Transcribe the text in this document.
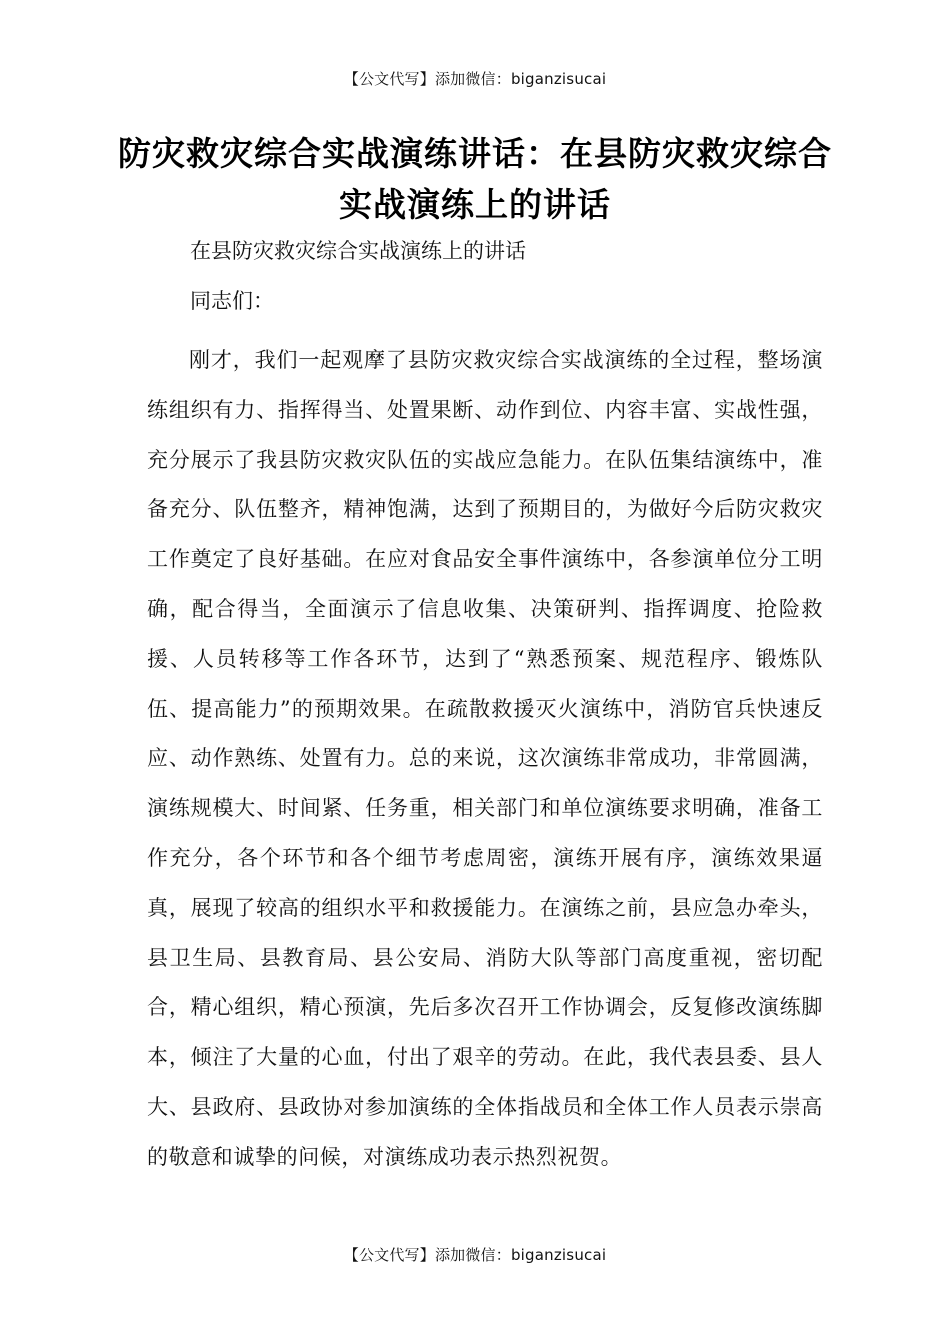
【公文代写】添加微信：biganzisucai
防灾救灾综合实战演练讲话：在县防灾救灾综合实战演练上的讲话

在县防灾救灾综合实战演练上的讲话

同志们：

刚才，我们一起观摩了县防灾救灾综合实战演练的全过程，整场演练组织有力、指挥得当、处置果断、动作到位、内容丰富、实战性强，充分展示了我县防灾救灾队伍的实战应急能力。在队伍集结演练中，准备充分、队伍整齐，精神饱满，达到了预期目的，为做好今后防灾救灾工作奠定了良好基础。在应对食品安全事件演练中，各参演单位分工明确，配合得当，全面演示了信息收集、决策研判、指挥调度、抢险救援、人员转移等工作各环节，达到了“熟悉预案、规范程序、锻炼队伍、提高能力”的预期效果。在疏散救援灭火演练中，消防官兵快速反应、动作熟练、处置有力。总的来说，这次演练非常成功，非常圆满，演练规模大、时间紧、任务重，相关部门和单位演练要求明确，准备工作充分，各个环节和各个细节考虑周密，演练开展有序，演练效果逼真，展现了较高的组织水平和救援能力。在演练之前，县应急办牵头，县卫生局、县教育局、县公安局、消防大队等部门高度重视，密切配合，精心组织，精心预演，先后多次召开工作协调会，反复修改演练脚本，倾注了大量的心血，付出了艰辛的劳动。在此，我代表县委、县人大、县政府、县政协对参加演练的全体指战员和全体工作人员表示崇高的敬意和诚挚的问候，对演练成功表示热烈祝贺。

【公文代写】添加微信：biganzisucai
